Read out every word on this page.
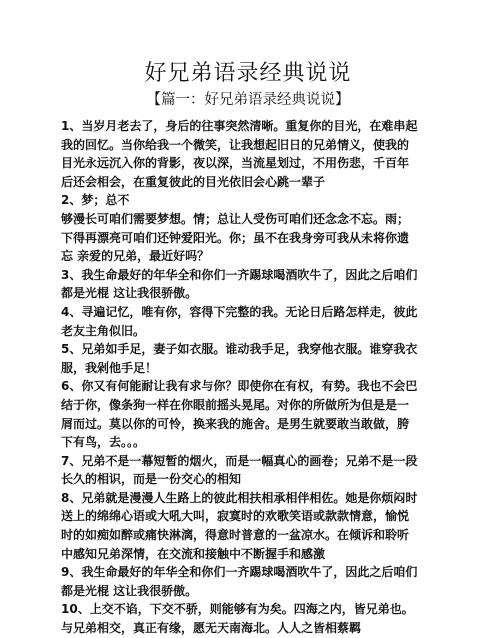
好兄弟语录经典说说
【篇一：好兄弟语录经典说说】
1、当岁月老去了，身后的往事突然清晰。重复你的目光，在难串起
我的回忆。当你给我一个微笑，让我想起旧日的兄弟情义，使我的
目光永远沉入你的背影，夜以深，当流星划过，不用伤悲，千百年
后还会相会，在重复彼此的目光依旧会心跳一辈子
2、梦；总不
够漫长可咱们需要梦想。情；总让人受伤可咱们还念念不忘。雨；
下得再漂亮可咱们还钟爱阳光。你；虽不在我身旁可我从未将你遗
忘 亲爱的兄弟，最近好吗？
3、我生命最好的年华全和你们一齐踢球喝酒吹牛了，因此之后咱们
都是光棍 这让我很骄傲。
4、寻遍记忆，唯有你，容得下完整的我。无论日后路怎样走，彼此
老友主角似旧。
5、兄弟如手足，妻子如衣服。谁动我手足，我穿他衣服。谁穿我衣
服，我剁他手足！
6、你又有何能耐让我有求与你？即使你在有权，有势。我也不会巴
结于你，像条狗一样在你眼前摇头晃尾。对你的所做所为但是是一
屑而过。莫以你的可怜，换来我的施舍。是男生就要敢当敢做，胯
下有鸟，去。。。
7、兄弟不是一幕短暂的烟火，而是一幅真心的画卷；兄弟不是一段
长久的相识，而是一份交心的相知
8、兄弟就是漫漫人生路上的彼此相扶相承相伴相佐。她是你烦闷时
送上的绵绵心语或大吼大叫，寂寞时的欢歌笑语或款款情意，愉悦
时的如痴如醉或痛快淋漓，得意时普意的一盆凉水。在倾诉和聆听
中感知兄弟深情，在交流和接触中不断握手和感激
9、我生命最好的年华全和你们一齐踢球喝酒吹牛了，因此之后咱们
都是光棍 这让我很骄傲。
10、上交不谄，下交不骄，则能够有为矣。四海之内，皆兄弟也。
与兄弟相交，真正有缘，愿无天南海北。人人之皆相蔡羁
